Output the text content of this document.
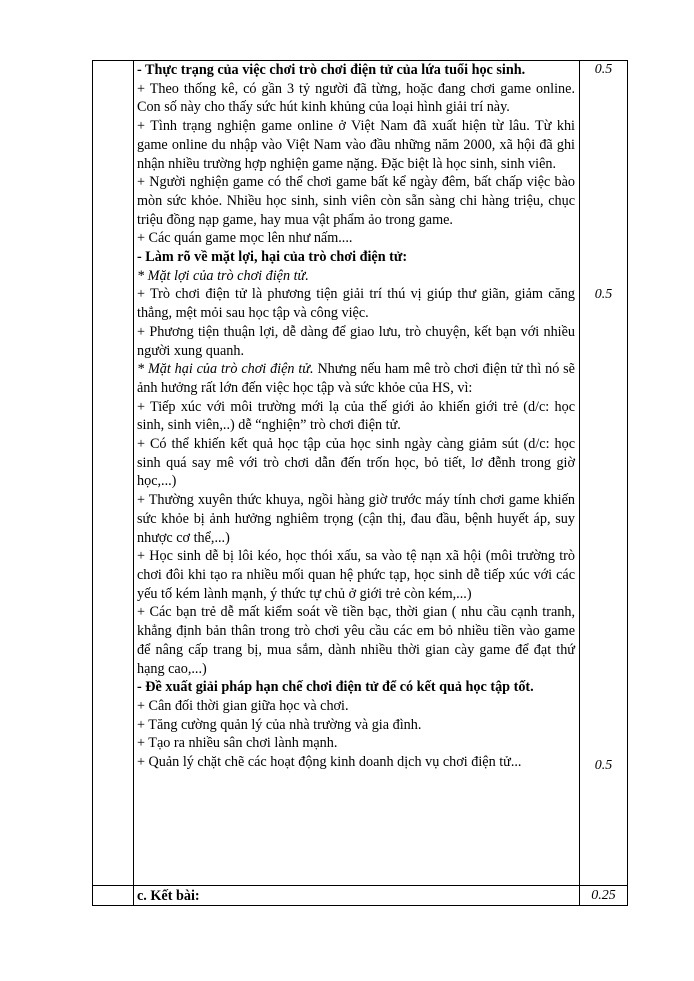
- Thực trạng của việc chơi trò chơi điện tử của lứa tuổi học sinh.

+ Theo thống kê, có gần 3 tỷ người đã từng, hoặc đang chơi game online. Con số này cho thấy sức hút kinh khủng của loại hình giải trí này.

+ Tình trạng nghiện game online ở Việt Nam đã xuất hiện từ lâu. Từ khi game online du nhập vào Việt Nam vào đầu những năm 2000, xã hội đã ghi nhận nhiều trường hợp nghiện game nặng. Đặc biệt là học sinh, sinh viên.

+ Người nghiện game có thể chơi game bất kể ngày đêm, bất chấp việc bào mòn sức khỏe. Nhiều học sinh, sinh viên còn sẵn sàng chi hàng triệu, chục triệu đồng nạp game, hay mua vật phẩm ảo trong game.

+ Các quán game mọc lên như nấm....

- Làm rõ về mặt lợi, hại của trò chơi điện tử:

* Mặt lợi của trò chơi điện tử.

+ Trò chơi điện tử là phương tiện giải trí thú vị giúp thư giãn, giảm căng thẳng, mệt mỏi sau học tập và công việc.

+ Phương tiện thuận lợi, dễ dàng để giao lưu, trò chuyện, kết bạn với nhiều người xung quanh.

* Mặt hại của trò chơi điện tử. Nhưng nếu ham mê trò chơi điện tử thì nó sẽ ảnh hưởng rất lớn đến việc học tập và sức khỏe của HS, vì:

+ Tiếp xúc với môi trường mới lạ của thế giới ảo khiến giới trẻ (d/c: học sinh, sinh viên,..) dễ “nghiện” trò chơi điện tử.

+ Có thể khiến kết quả học tập của học sinh ngày càng giảm sút (d/c: học sinh quá say mê với trò chơi dẫn đến trốn học, bỏ tiết, lơ đễnh trong giờ học,...)

+ Thường xuyên thức khuya, ngồi hàng giờ trước máy tính chơi game khiến sức khỏe bị ảnh hưởng nghiêm trọng (cận thị, đau đầu, bệnh huyết áp, suy nhược cơ thể,...)

+ Học sinh dễ bị lôi kéo, học thói xấu, sa vào tệ nạn xã hội (môi trường trò chơi đôi khi tạo ra nhiều mối quan hệ phức tạp, học sinh dễ tiếp xúc với các yếu tố kém lành mạnh, ý thức tự chủ ở giới trẻ còn kém,...)

+ Các bạn trẻ dễ mất kiểm soát về tiền bạc, thời gian ( nhu cầu cạnh tranh, khẳng định bản thân trong trò chơi yêu cầu các em bỏ nhiều tiền vào game để nâng cấp trang bị, mua sắm, dành nhiều thời gian cày game để đạt thứ hạng cao,...)

- Đề xuất giải pháp hạn chế chơi điện tử để có kết quả học tập tốt.

+ Cân đối thời gian giữa học và chơi.

+ Tăng cường quản lý của nhà trường và gia đình.

+ Tạo ra nhiều sân chơi lành mạnh.

+ Quản lý chặt chẽ các hoạt động kinh doanh dịch vụ chơi điện tử...

0.5
0.5
0.5
0.25
c. Kết bài:
